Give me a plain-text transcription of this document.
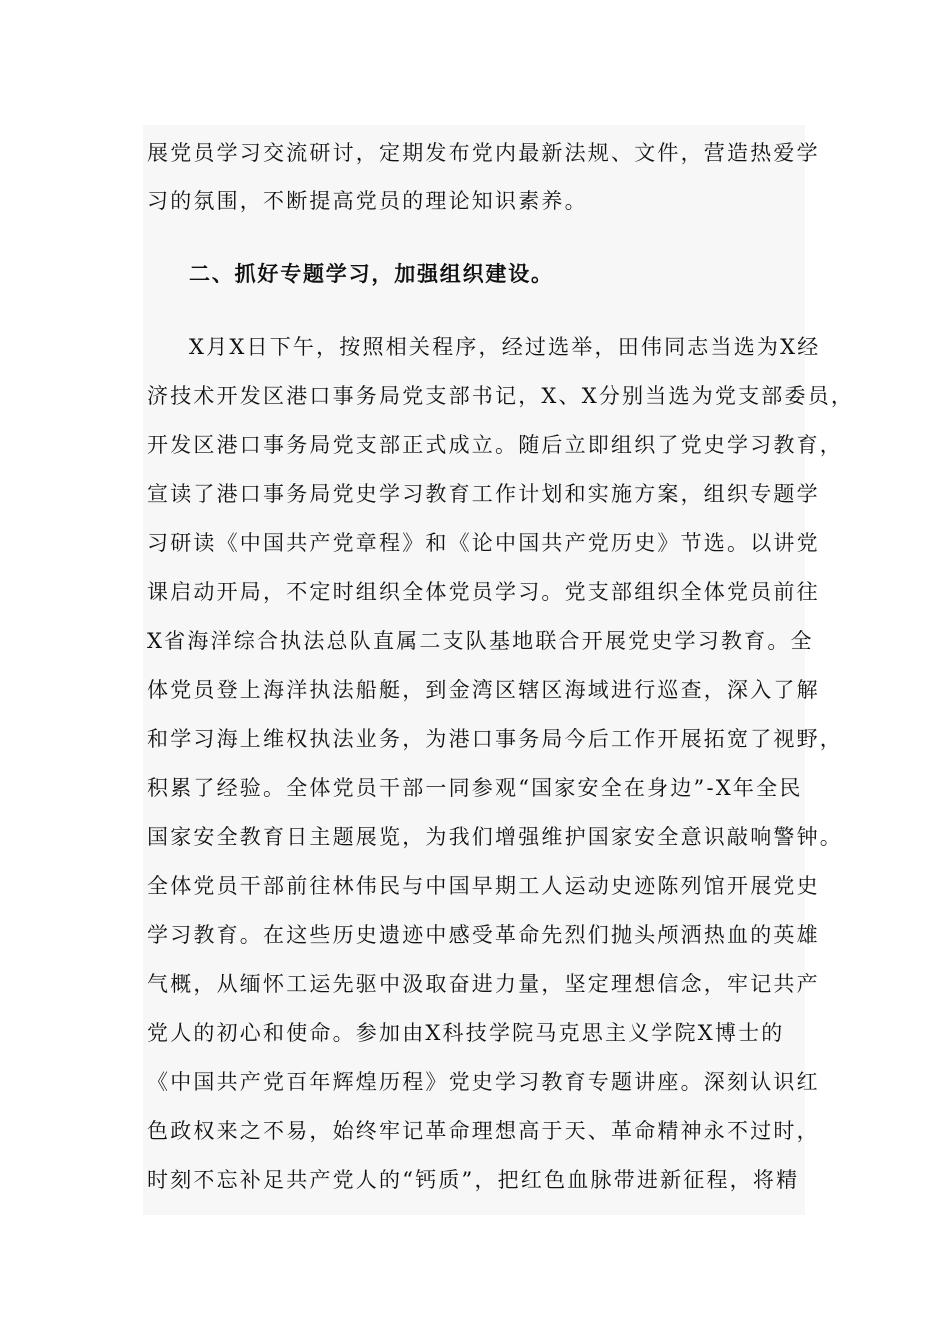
展党员学习交流研讨，定期发布党内最新法规、文件，营造热爱学
习的氛围，不断提高党员的理论知识素养。
二、抓好专题学习，加强组织建设。
X月X日下午，按照相关程序，经过选举，田伟同志当选为X经
济技术开发区港口事务局党支部书记，X、X分别当选为党支部委员，
开发区港口事务局党支部正式成立。随后立即组织了党史学习教育，
宣读了港口事务局党史学习教育工作计划和实施方案，组织专题学
习研读《中国共产党章程》和《论中国共产党历史》节选。以讲党
课启动开局，不定时组织全体党员学习。党支部组织全体党员前往
X省海洋综合执法总队直属二支队基地联合开展党史学习教育。全
体党员登上海洋执法船艇，到金湾区辖区海域进行巡查，深入了解
和学习海上维权执法业务，为港口事务局今后工作开展拓宽了视野，
积累了经验。全体党员干部一同参观“国家安全在身边”-X年全民
国家安全教育日主题展览，为我们增强维护国家安全意识敲响警钟。
全体党员干部前往林伟民与中国早期工人运动史迹陈列馆开展党史
学习教育。在这些历史遗迹中感受革命先烈们抛头颅洒热血的英雄
气概，从缅怀工运先驱中汲取奋进力量，坚定理想信念，牢记共产
党人的初心和使命。参加由X科技学院马克思主义学院X博士的
《中国共产党百年辉煌历程》党史学习教育专题讲座。深刻认识红
色政权来之不易，始终牢记革命理想高于天、革命精神永不过时，
时刻不忘补足共产党人的“钙质”，把红色血脉带进新征程，将精
